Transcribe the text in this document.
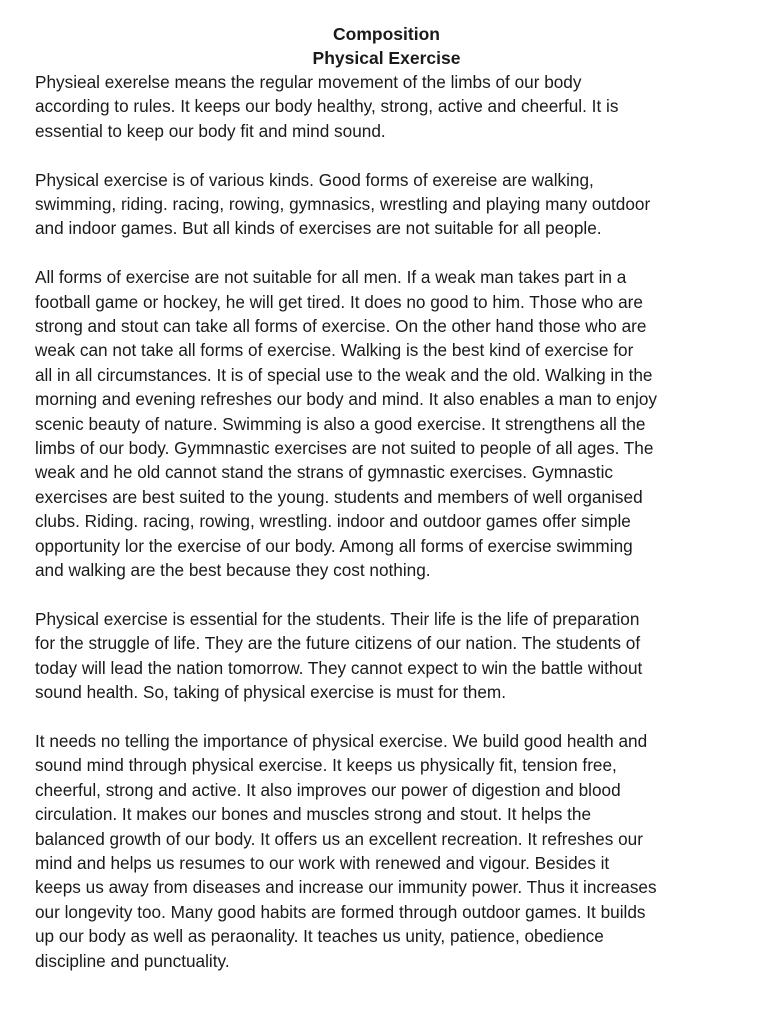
Composition
Physical Exercise

Physieal exerelse means the regular movement of the limbs of our body
according to rules. It keeps our body healthy, strong, active and cheerful. It is
essential to keep our body fit and mind sound.

Physical exercise is of various kinds. Good forms of exereise are walking,
swimming, riding. racing, rowing, gymnasics, wrestling and playing many outdoor
and indoor games. But all kinds of exercises are not suitable for all people.

All forms of exercise are not suitable for all men. If a weak man takes part in a
football game or hockey, he will get tired. It does no good to him. Those who are
strong and stout can take all forms of exercise. On the other hand those who are
weak can not take all forms of exercise. Walking is the best kind of exercise for
all in all circumstances. It is of special use to the weak and the old. Walking in the
morning and evening refreshes our body and mind. It also enables a man to enjoy
scenic beauty of nature. Swimming is also a good exercise. It strengthens all the
limbs of our body. Gymmnastic exercises are not suited to people of all ages. The
weak and he old cannot stand the strans of gymnastic exercises. Gymnastic
exercises are best suited to the young. students and members of well organised
clubs. Riding. racing, rowing, wrestling. indoor and outdoor games offer simple
opportunity lor the exercise of our body. Among all forms of exercise swimming
and walking are the best because they cost nothing.

Physical exercise is essential for the students. Their life is the life of preparation
for the struggle of life. They are the future citizens of our nation. The students of
today will lead the nation tomorrow. They cannot expect to win the battle without
sound health. So, taking of physical exercise is must for them.

It needs no telling the importance of physical exercise. We build good health and
sound mind through physical exercise. It keeps us physically fit, tension free,
cheerful, strong and active. It also improves our power of digestion and blood
circulation. It makes our bones and muscles strong and stout. It helps the
balanced growth of our body. It offers us an excellent recreation. It refreshes our
mind and helps us resumes to our work with renewed and vigour. Besides it
keeps us away from diseases and increase our immunity power. Thus it increases
our longevity too. Many good habits are formed through outdoor games. It builds
up our body as well as peraonality. It teaches us unity, patience, obedience
discipline and punctuality.
